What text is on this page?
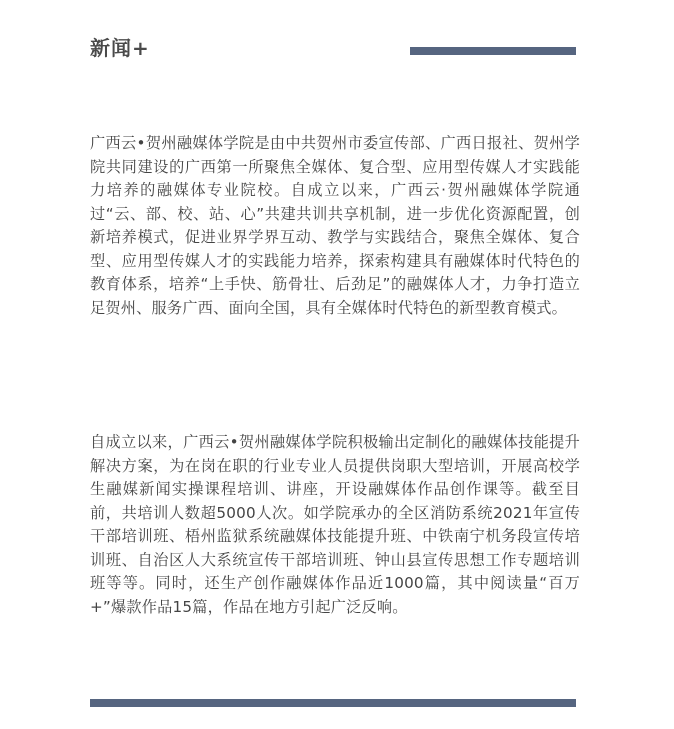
新闻+

广西云•贺州融媒体学院是由中共贺州市委宣传部、广西日报社、贺州学院共同建设的广西第一所聚焦全媒体、复合型、应用型传媒人才实践能力培养的融媒体专业院校。自成立以来，广西云·贺州融媒体学院通过“云、部、校、站、心”共建共训共享机制，进一步优化资源配置，创新培养模式，促进业界学界互动、教学与实践结合，聚焦全媒体、复合型、应用型传媒人才的实践能力培养，探索构建具有融媒体时代特色的教育体系，培养“上手快、筋骨壮、后劲足”的融媒体人才，力争打造立足贺州、服务广西、面向全国，具有全媒体时代特色的新型教育模式。

自成立以来，广西云•贺州融媒体学院积极输出定制化的融媒体技能提升解决方案，为在岗在职的行业专业人员提供岗职大型培训，开展高校学生融媒新闻实操课程培训、讲座，开设融媒体作品创作课等。截至目前，共培训人数超5000人次。如学院承办的全区消防系统2021年宣传干部培训班、梧州监狱系统融媒体技能提升班、中铁南宁机务段宣传培训班、自治区人大系统宣传干部培训班、钟山县宣传思想工作专题培训班等等。同时，还生产创作融媒体作品近1000篇，其中阅读量“百万+”爆款作品15篇，作品在地方引起广泛反响。
